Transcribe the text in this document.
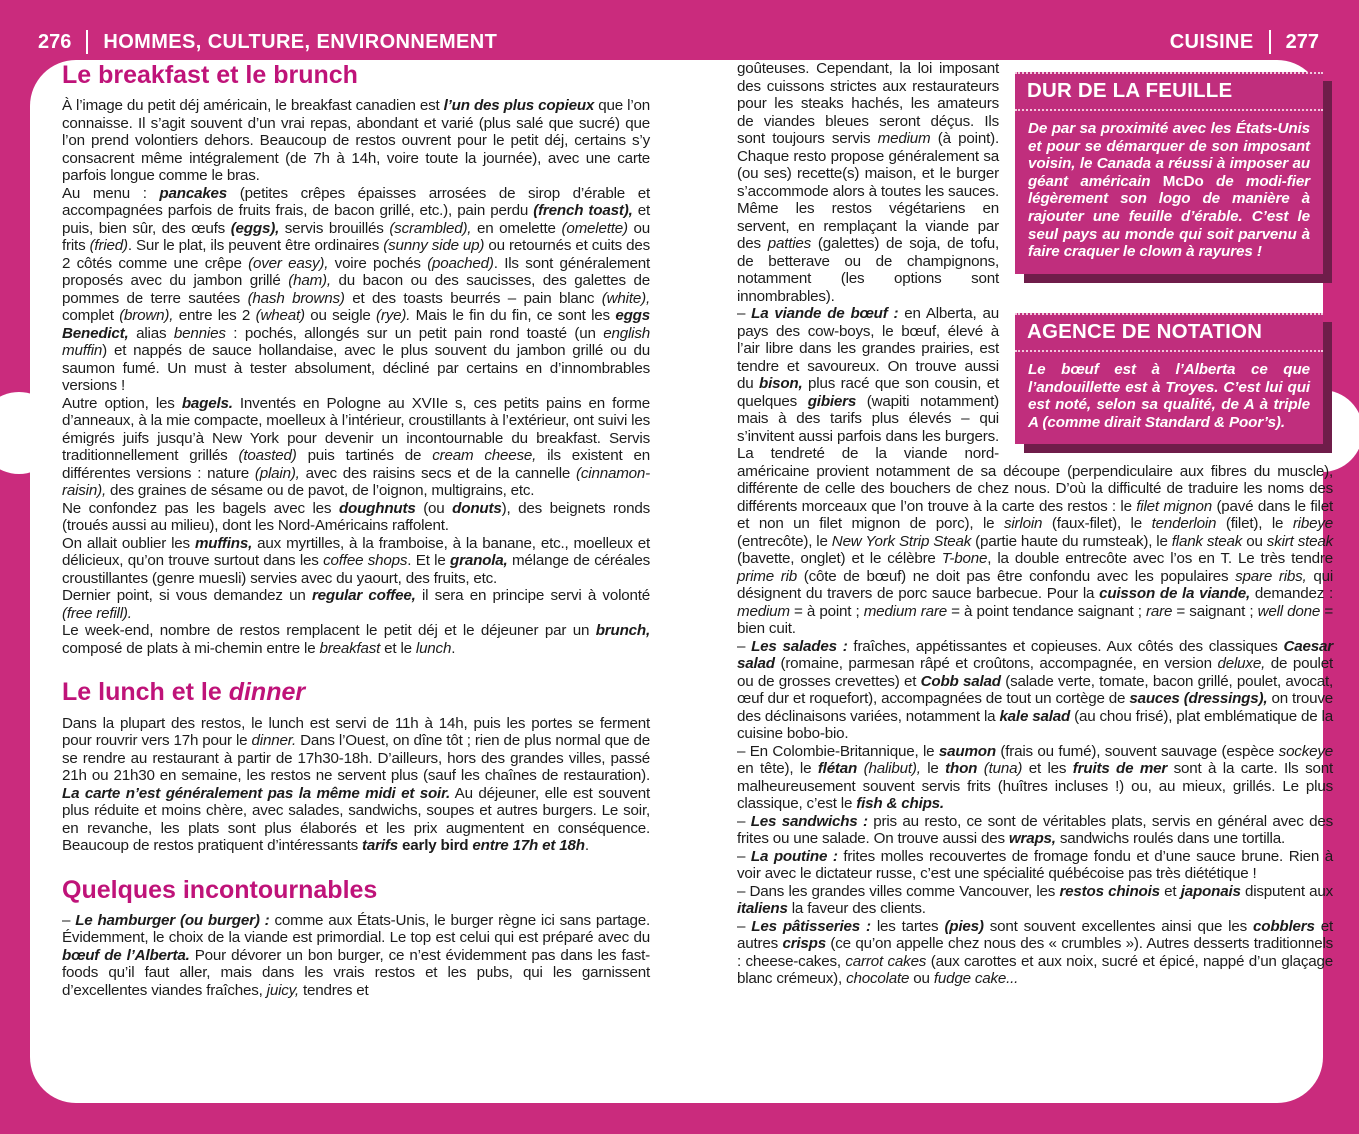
276 HOMMES, CULTURE, ENVIRONNEMENT	CUISINE 277
Le breakfast et le brunch

À l’image du petit déj américain, le breakfast canadien est l’un des plus copieux que l’on connaisse. Il s’agit souvent d’un vrai repas, abondant et varié (plus salé que sucré) que l’on prend volontiers dehors. Beaucoup de restos ouvrent pour le petit déj, certains s’y consacrent même intégralement (de 7h à 14h, voire toute la journée), avec une carte parfois longue comme le bras.

Au menu : pancakes (petites crêpes épaisses arrosées de sirop d’érable et accompagnées parfois de fruits frais, de bacon grillé, etc.), pain perdu (french toast), et puis, bien sûr, des œufs (eggs), servis brouillés (scrambled), en omelette (omelette) ou frits (fried). Sur le plat, ils peuvent être ordinaires (sunny side up) ou retournés et cuits des 2 côtés comme une crêpe (over easy), voire pochés (poached). Ils sont généralement proposés avec du jambon grillé (ham), du bacon ou des saucisses, des galettes de pommes de terre sautées (hash browns) et des toasts beurrés – pain blanc (white), complet (brown), entre les 2 (wheat) ou seigle (rye). Mais le fin du fin, ce sont les eggs Benedict, alias bennies : pochés, allongés sur un petit pain rond toasté (un english muffin) et nappés de sauce hollandaise, avec le plus souvent du jambon grillé ou du saumon fumé. Un must à tester absolument, décliné par certains en d’innombrables versions !

Autre option, les bagels. Inventés en Pologne au XVIIe s, ces petits pains en forme d’anneaux, à la mie compacte, moelleux à l’intérieur, croustillants à l’extérieur, ont suivi les émigrés juifs jusqu’à New York pour devenir un incontournable du breakfast. Servis traditionnellement grillés (toasted) puis tartinés de cream cheese, ils existent en différentes versions : nature (plain), avec des raisins secs et de la cannelle (cinnamon-raisin), des graines de sésame ou de pavot, de l’oignon, multigrains, etc.

Ne confondez pas les bagels avec les doughnuts (ou donuts), des beignets ronds (troués aussi au milieu), dont les Nord-Américains raffolent.

On allait oublier les muffins, aux myrtilles, à la framboise, à la banane, etc., moelleux et délicieux, qu’on trouve surtout dans les coffee shops. Et le granola, mélange de céréales croustillantes (genre muesli) servies avec du yaourt, des fruits, etc.

Dernier point, si vous demandez un regular coffee, il sera en principe servi à volonté (free refill).

Le week-end, nombre de restos remplacent le petit déj et le déjeuner par un brunch, composé de plats à mi-chemin entre le breakfast et le lunch.

Le lunch et le dinner

Dans la plupart des restos, le lunch est servi de 11h à 14h, puis les portes se ferment pour rouvrir vers 17h pour le dinner. Dans l’Ouest, on dîne tôt ; rien de plus normal que de se rendre au restaurant à partir de 17h30-18h. D’ailleurs, hors des grandes villes, passé 21h ou 21h30 en semaine, les restos ne servent plus (sauf les chaînes de restauration). La carte n’est généralement pas la même midi et soir. Au déjeuner, elle est souvent plus réduite et moins chère, avec salades, sandwichs, soupes et autres burgers. Le soir, en revanche, les plats sont plus élaborés et les prix augmentent en conséquence. Beaucoup de restos pratiquent d’intéressants tarifs early bird entre 17h et 18h.

Quelques incontournables

– Le hamburger (ou burger) : comme aux États-Unis, le burger règne ici sans partage. Évidemment, le choix de la viande est primordial. Le top est celui qui est préparé avec du bœuf de l’Alberta. Pour dévorer un bon burger, ce n’est évidemment pas dans les fast-foods qu’il faut aller, mais dans les vrais restos et les pubs, qui les garnissent d’excellentes viandes fraîches, juicy, tendres et

DUR DE LA FEUILLE
De par sa proximité avec les États-Unis et pour se démarquer de son imposant voisin, le Canada a réussi à imposer au géant américain McDo de modi-fier légèrement son logo de manière à rajouter une feuille d’érable. C’est le seul pays au monde qui soit parvenu à faire craquer le clown à rayures !

goûteuses. Cependant, la loi imposant des cuissons strictes aux restaurateurs pour les steaks hachés, les amateurs de viandes bleues seront déçus. Ils sont toujours servis medium (à point). Chaque resto propose généralement sa (ou ses) recette(s) maison, et le burger s’accommode alors à toutes les sauces. Même les restos végétariens en servent, en remplaçant la viande par des patties (galettes) de soja, de tofu, de betterave ou de champignons, notamment (les options sont innombrables).

AGENCE DE NOTATION
Le bœuf est à l’Alberta ce que l’andouillette est à Troyes. C’est lui qui est noté, selon sa qualité, de A à triple A (comme dirait Standard & Poor’s).

– La viande de bœuf : en Alberta, au pays des cow-boys, le bœuf, élevé à l’air libre dans les grandes prairies, est tendre et savoureux. On trouve aussi du bison, plus racé que son cousin, et quelques gibiers (wapiti notamment) mais à des tarifs plus élevés – qui s’invitent aussi parfois dans les burgers. La tendreté de la viande nord-américaine provient notamment de sa découpe (perpendiculaire aux fibres du muscle), différente de celle des bouchers de chez nous. D’où la difficulté de traduire les noms des différents morceaux que l’on trouve à la carte des restos : le filet mignon (pavé dans le filet et non un filet mignon de porc), le sirloin (faux-filet), le tenderloin (filet), le ribeye (entrecôte), le New York Strip Steak (partie haute du rumsteak), le flank steak ou skirt steak (bavette, onglet) et le célèbre T-bone, la double entrecôte avec l’os en T. Le très tendre prime rib (côte de bœuf) ne doit pas être confondu avec les populaires spare ribs, qui désignent du travers de porc sauce barbecue. Pour la cuisson de la viande, demandez : medium = à point ; medium rare = à point tendance saignant ; rare = saignant ; well done = bien cuit.

– Les salades : fraîches, appétissantes et copieuses. Aux côtés des classiques Caesar salad (romaine, parmesan râpé et croûtons, accompagnée, en version deluxe, de poulet ou de grosses crevettes) et Cobb salad (salade verte, tomate, bacon grillé, poulet, avocat, œuf dur et roquefort), accompagnées de tout un cortège de sauces (dressings), on trouve des déclinaisons variées, notamment la kale salad (au chou frisé), plat emblématique de la cuisine bobo-bio.

– En Colombie-Britannique, le saumon (frais ou fumé), souvent sauvage (espèce sockeye en tête), le flétan (halibut), le thon (tuna) et les fruits de mer sont à la carte. Ils sont malheureusement souvent servis frits (huîtres incluses !) ou, au mieux, grillés. Le plus classique, c’est le fish & chips.

– Les sandwichs : pris au resto, ce sont de véritables plats, servis en général avec des frites ou une salade. On trouve aussi des wraps, sandwichs roulés dans une tortilla.

– La poutine : frites molles recouvertes de fromage fondu et d’une sauce brune. Rien à voir avec le dictateur russe, c’est une spécialité québécoise pas très diététique !

– Dans les grandes villes comme Vancouver, les restos chinois et japonais disputent aux italiens la faveur des clients.

– Les pâtisseries : les tartes (pies) sont souvent excellentes ainsi que les cobblers et autres crisps (ce qu’on appelle chez nous des « crumbles »). Autres desserts traditionnels : cheese-cakes, carrot cakes (aux carottes et aux noix, sucré et épicé, nappé d’un glaçage blanc crémeux), chocolate ou fudge cake...
